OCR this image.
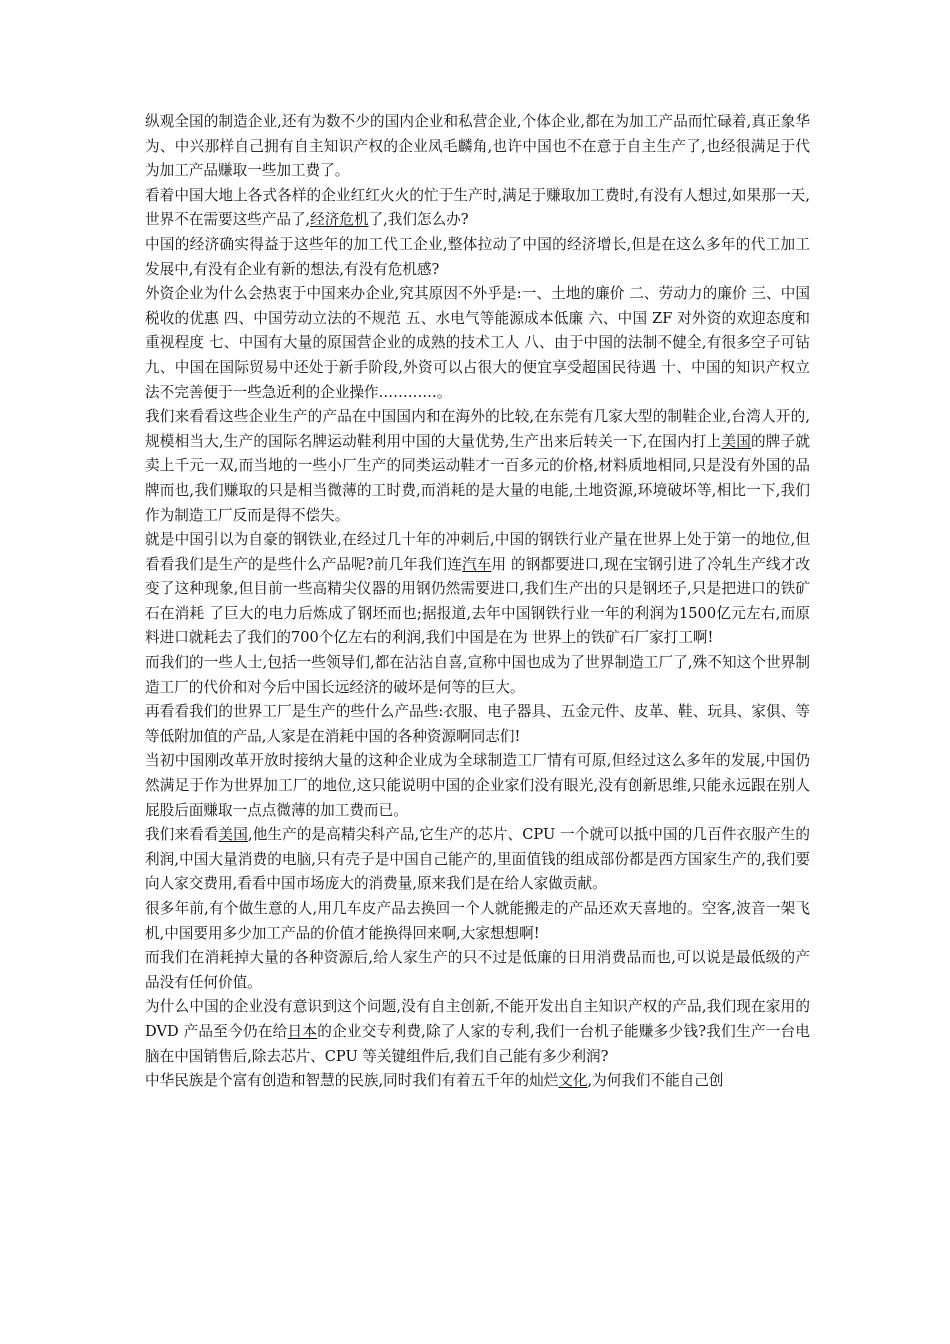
纵观全国的制造企业,还有为数不少的国内企业和私营企业,个体企业,都在为加工产品而忙碌着,真正象华为、中兴那样自己拥有自主知识产权的企业凤毛麟角,也许中国也不在意于自主生产了,也经很满足于代为加工产品赚取一些加工费了。

看着中国大地上各式各样的企业红红火火的忙于生产时,满足于赚取加工费时,有没有人想过,如果那一天,世界不在需要这些产品了,经济危机了,我们怎么办?

中国的经济确实得益于这些年的加工代工企业,整体拉动了中国的经济增长,但是在这么多年的代工加工发展中,有没有企业有新的想法,有没有危机感?

外资企业为什么会热衷于中国来办企业,究其原因不外乎是:一、土地的廉价 二、劳动力的廉价 三、中国税收的优惠 四、中国劳动立法的不规范 五、水电气等能源成本低廉 六、中国 ZF 对外资的欢迎态度和重视程度 七、中国有大量的原国营企业的成熟的技术工人 八、由于中国的法制不健全,有很多空子可钻 九、中国在国际贸易中还处于新手阶段,外资可以占很大的便宜享受超国民待遇 十、中国的知识产权立法不完善便于一些急近利的企业操作…………。

我们来看看这些企业生产的产品在中国国内和在海外的比较,在东莞有几家大型的制鞋企业,台湾人开的,规模相当大,生产的国际名牌运动鞋利用中国的大量优势,生产出来后转关一下,在国内打上美国的牌子就卖上千元一双,而当地的一些小厂生产的同类运动鞋才一百多元的价格,材料质地相同,只是没有外国的品牌而也,我们赚取的只是相当微薄的工时费,而消耗的是大量的电能,土地资源,环境破坏等,相比一下,我们作为制造工厂反而是得不偿失。

就是中国引以为自豪的钢铁业,在经过几十年的冲刺后,中国的钢铁行业产量在世界上处于第一的地位,但看看我们是生产的是些什么产品呢?前几年我们连汽车用 的钢都要进口,现在宝钢引进了冷轧生产线才改变了这种现象,但目前一些高精尖仪器的用钢仍然需要进口,我们生产出的只是钢坯子,只是把进口的铁矿石在消耗 了巨大的电力后炼成了钢坯而也;据报道,去年中国钢铁行业一年的利润为1500亿元左右,而原料进口就耗去了我们的700个亿左右的利润,我们中国是在为 世界上的铁矿石厂家打工啊!

而我们的一些人士,包括一些领导们,都在沾沾自喜,宣称中国也成为了世界制造工厂了,殊不知这个世界制造工厂的代价和对今后中国长远经济的破坏是何等的巨大。

再看看我们的世界工厂是生产的些什么产品些:衣服、电子器具、五金元件、皮革、鞋、玩具、家俱、等等低附加值的产品,人家是在消耗中国的各种资源啊同志们!

当初中国刚改革开放时接纳大量的这种企业成为全球制造工厂情有可原,但经过这么多年的发展,中国仍然满足于作为世界加工厂的地位,这只能说明中国的企业家们没有眼光,没有创新思维,只能永远跟在别人屁股后面赚取一点点微薄的加工费而已。

我们来看看美国,他生产的是高精尖科产品,它生产的芯片、CPU 一个就可以抵中国的几百件衣服产生的利润,中国大量消费的电脑,只有壳子是中国自己能产的,里面值钱的组成部份都是西方国家生产的,我们要向人家交费用,看看中国市场庞大的消费量,原来我们是在给人家做贡献。

很多年前,有个做生意的人,用几车皮产品去换回一个人就能搬走的产品还欢天喜地的。空客,波音一架飞机,中国要用多少加工产品的价值才能换得回来啊,大家想想啊!

而我们在消耗掉大量的各种资源后,给人家生产的只不过是低廉的日用消费品而也,可以说是最低级的产品没有任何价值。

为什么中国的企业没有意识到这个问题,没有自主创新,不能开发出自主知识产权的产品,我们现在家用的 DVD 产品至今仍在给日本的企业交专利费,除了人家的专利,我们一台机子能赚多少钱?我们生产一台电脑在中国销售后,除去芯片、CPU 等关键组件后,我们自己能有多少利润?

中华民族是个富有创造和智慧的民族,同时我们有着五千年的灿烂文化,为何我们不能自己创
